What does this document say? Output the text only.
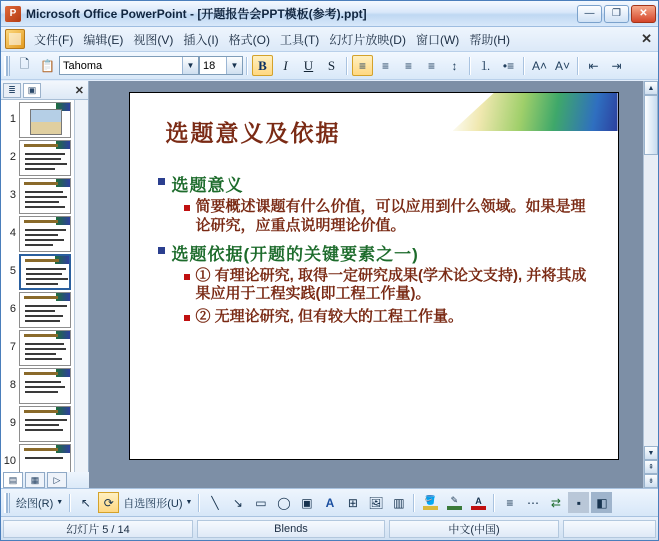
P Microsoft Office PowerPoint - [开题报告会PPT模板(参考).ppt]	—	❐	✕
文件(F) 编辑(E) 视图(V) 插入(I) 格式(O) 工具(T) 幻灯片放映(D) 窗口(W) 帮助(H)	✕
🗋 📋 Tahoma	▼ 18	▼	B	I	U	S	≡	≡	≡	≡	↕	⒈ •≡	A˄ A˅	⇤	⇥
≣	▣	✕
1
2
3
4
5
6
7
8
9
10
选题意义及依据
选题意义
简要概述课题有什么价值，可以应用到什么领域。如果是理论研究，应重点说明理论价值。
选题依据(开题的关键要素之一)
① 有理论研究, 取得一定研究成果(学术论文支持), 并将其成果应用于工程实践(即工程工作量)。
② 无理论研究, 但有较大的工程工作量。
▲
▼
⇞
⇟
▤	▦	▷
绘图(R) ▼	↖	⟳ 自选图形(U) ▼	╲	↘	▭ ◯ ▣	A	⊞ 🖼 ▥	🪣 ✎ A	≡	⋯ ⇄	▪	◧
幻灯片 5 / 14	Blends	中文(中国)
